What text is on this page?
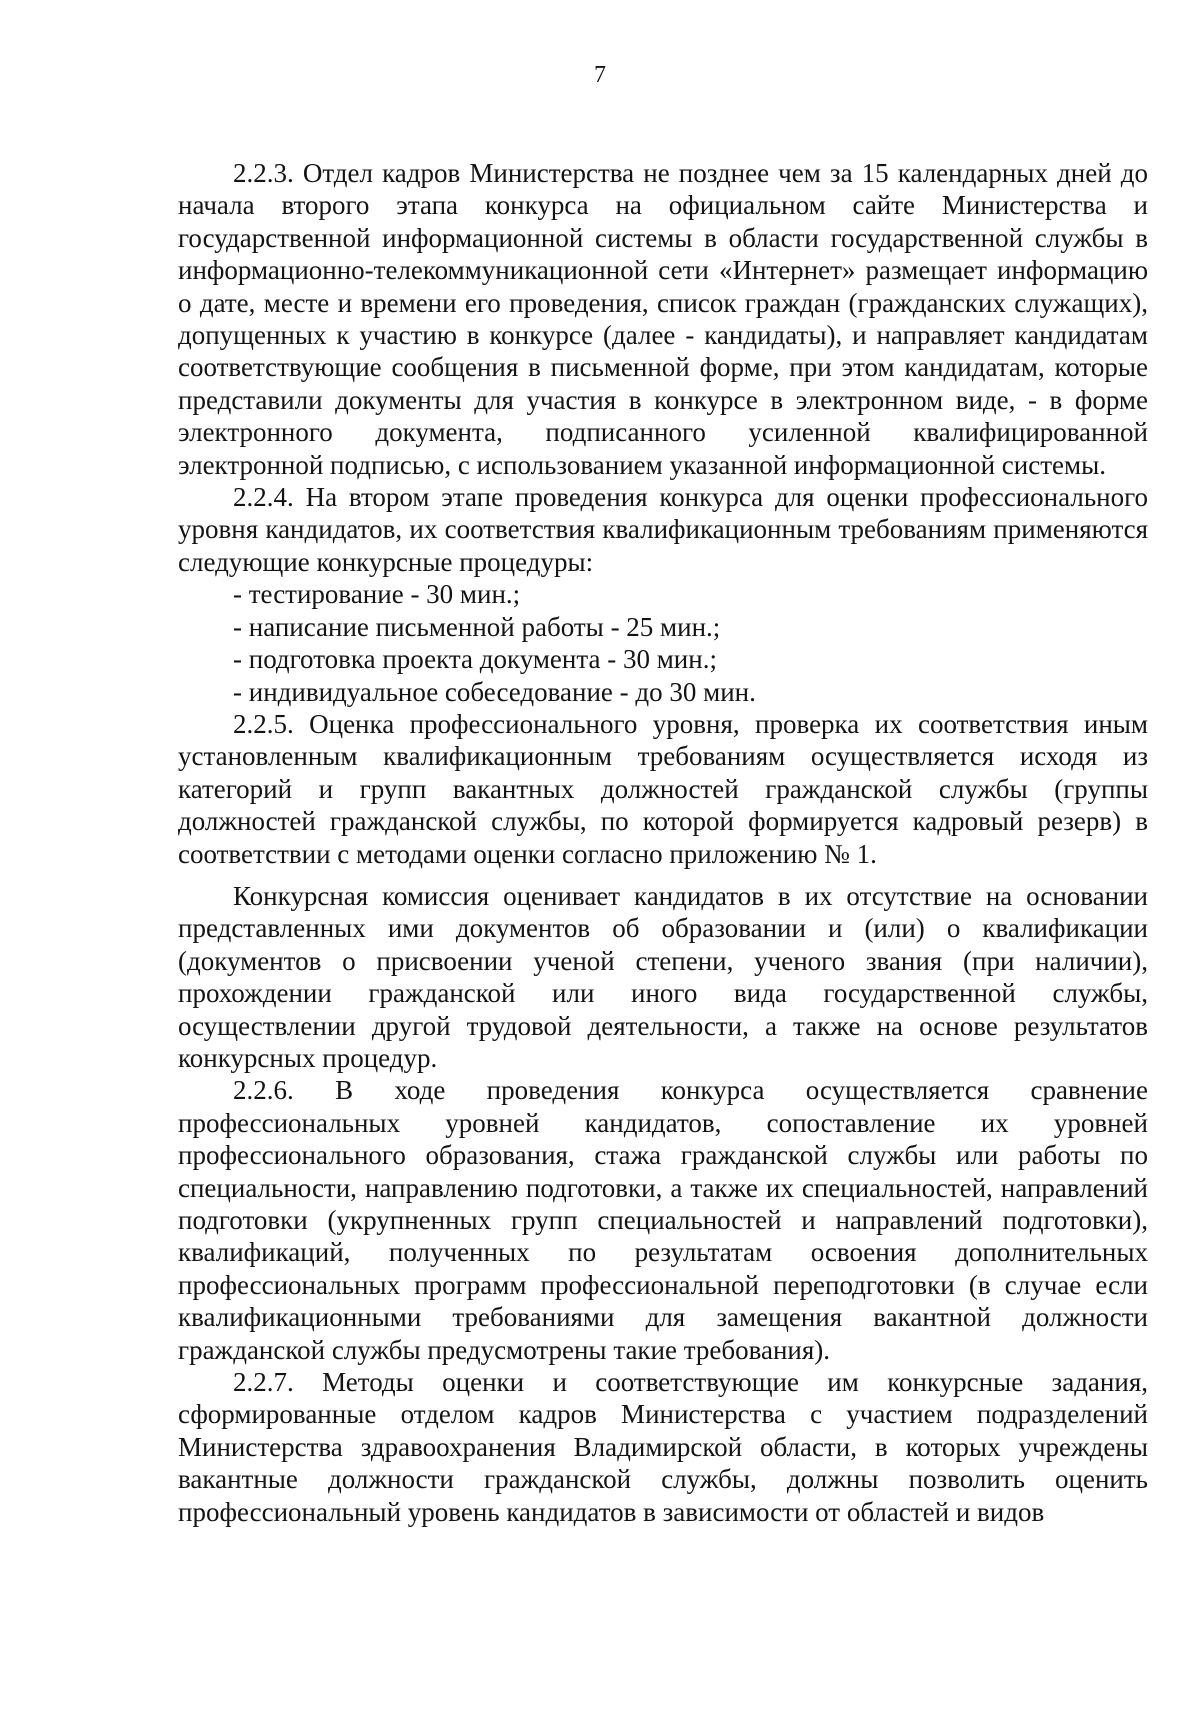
7

2.2.3. Отдел кадров Министерства не позднее чем за 15 календарных дней до начала второго этапа конкурса на официальном сайте Министерства и государственной информационной системы в области государственной службы в информационно-телекоммуникационной сети «Интернет» размещает информацию о дате, месте и времени его проведения, список граждан (гражданских служащих), допущенных к участию в конкурсе (далее - кандидаты), и направляет кандидатам соответствующие сообщения в письменной форме, при этом кандидатам, которые представили документы для участия в конкурсе в электронном виде, - в форме электронного документа, подписанного усиленной квалифицированной электронной подписью, с использованием указанной информационной системы.

2.2.4. На втором этапе проведения конкурса для оценки профессионального уровня кандидатов, их соответствия квалификационным требованиям применяются следующие конкурсные процедуры:

- тестирование - 30 мин.;

- написание письменной работы - 25 мин.;

- подготовка проекта документа - 30 мин.;

- индивидуальное собеседование - до 30 мин.

2.2.5. Оценка профессионального уровня, проверка их соответствия иным установленным квалификационным требованиям осуществляется исходя из категорий и групп вакантных должностей гражданской службы (группы должностей гражданской службы, по которой формируется кадровый резерв) в соответствии с методами оценки согласно приложению № 1.

Конкурсная комиссия оценивает кандидатов в их отсутствие на основании представленных ими документов об образовании и (или) о квалификации (документов о присвоении ученой степени, ученого звания (при наличии), прохождении гражданской или иного вида государственной службы, осуществлении другой трудовой деятельности, а также на основе результатов конкурсных процедур.

2.2.6. В ходе проведения конкурса осуществляется сравнение профессиональных уровней кандидатов, сопоставление их уровней профессионального образования, стажа гражданской службы или работы по специальности, направлению подготовки, а также их специальностей, направлений подготовки (укрупненных групп специальностей и направлений подготовки), квалификаций, полученных по результатам освоения дополнительных профессиональных программ профессиональной переподготовки (в случае если квалификационными требованиями для замещения вакантной должности гражданской службы предусмотрены такие требования).

2.2.7. Методы оценки и соответствующие им конкурсные задания, сформированные отделом кадров Министерства с участием подразделений Министерства здравоохранения Владимирской области, в которых учреждены вакантные должности гражданской службы, должны позволить оценить профессиональный уровень кандидатов в зависимости от областей и видов
